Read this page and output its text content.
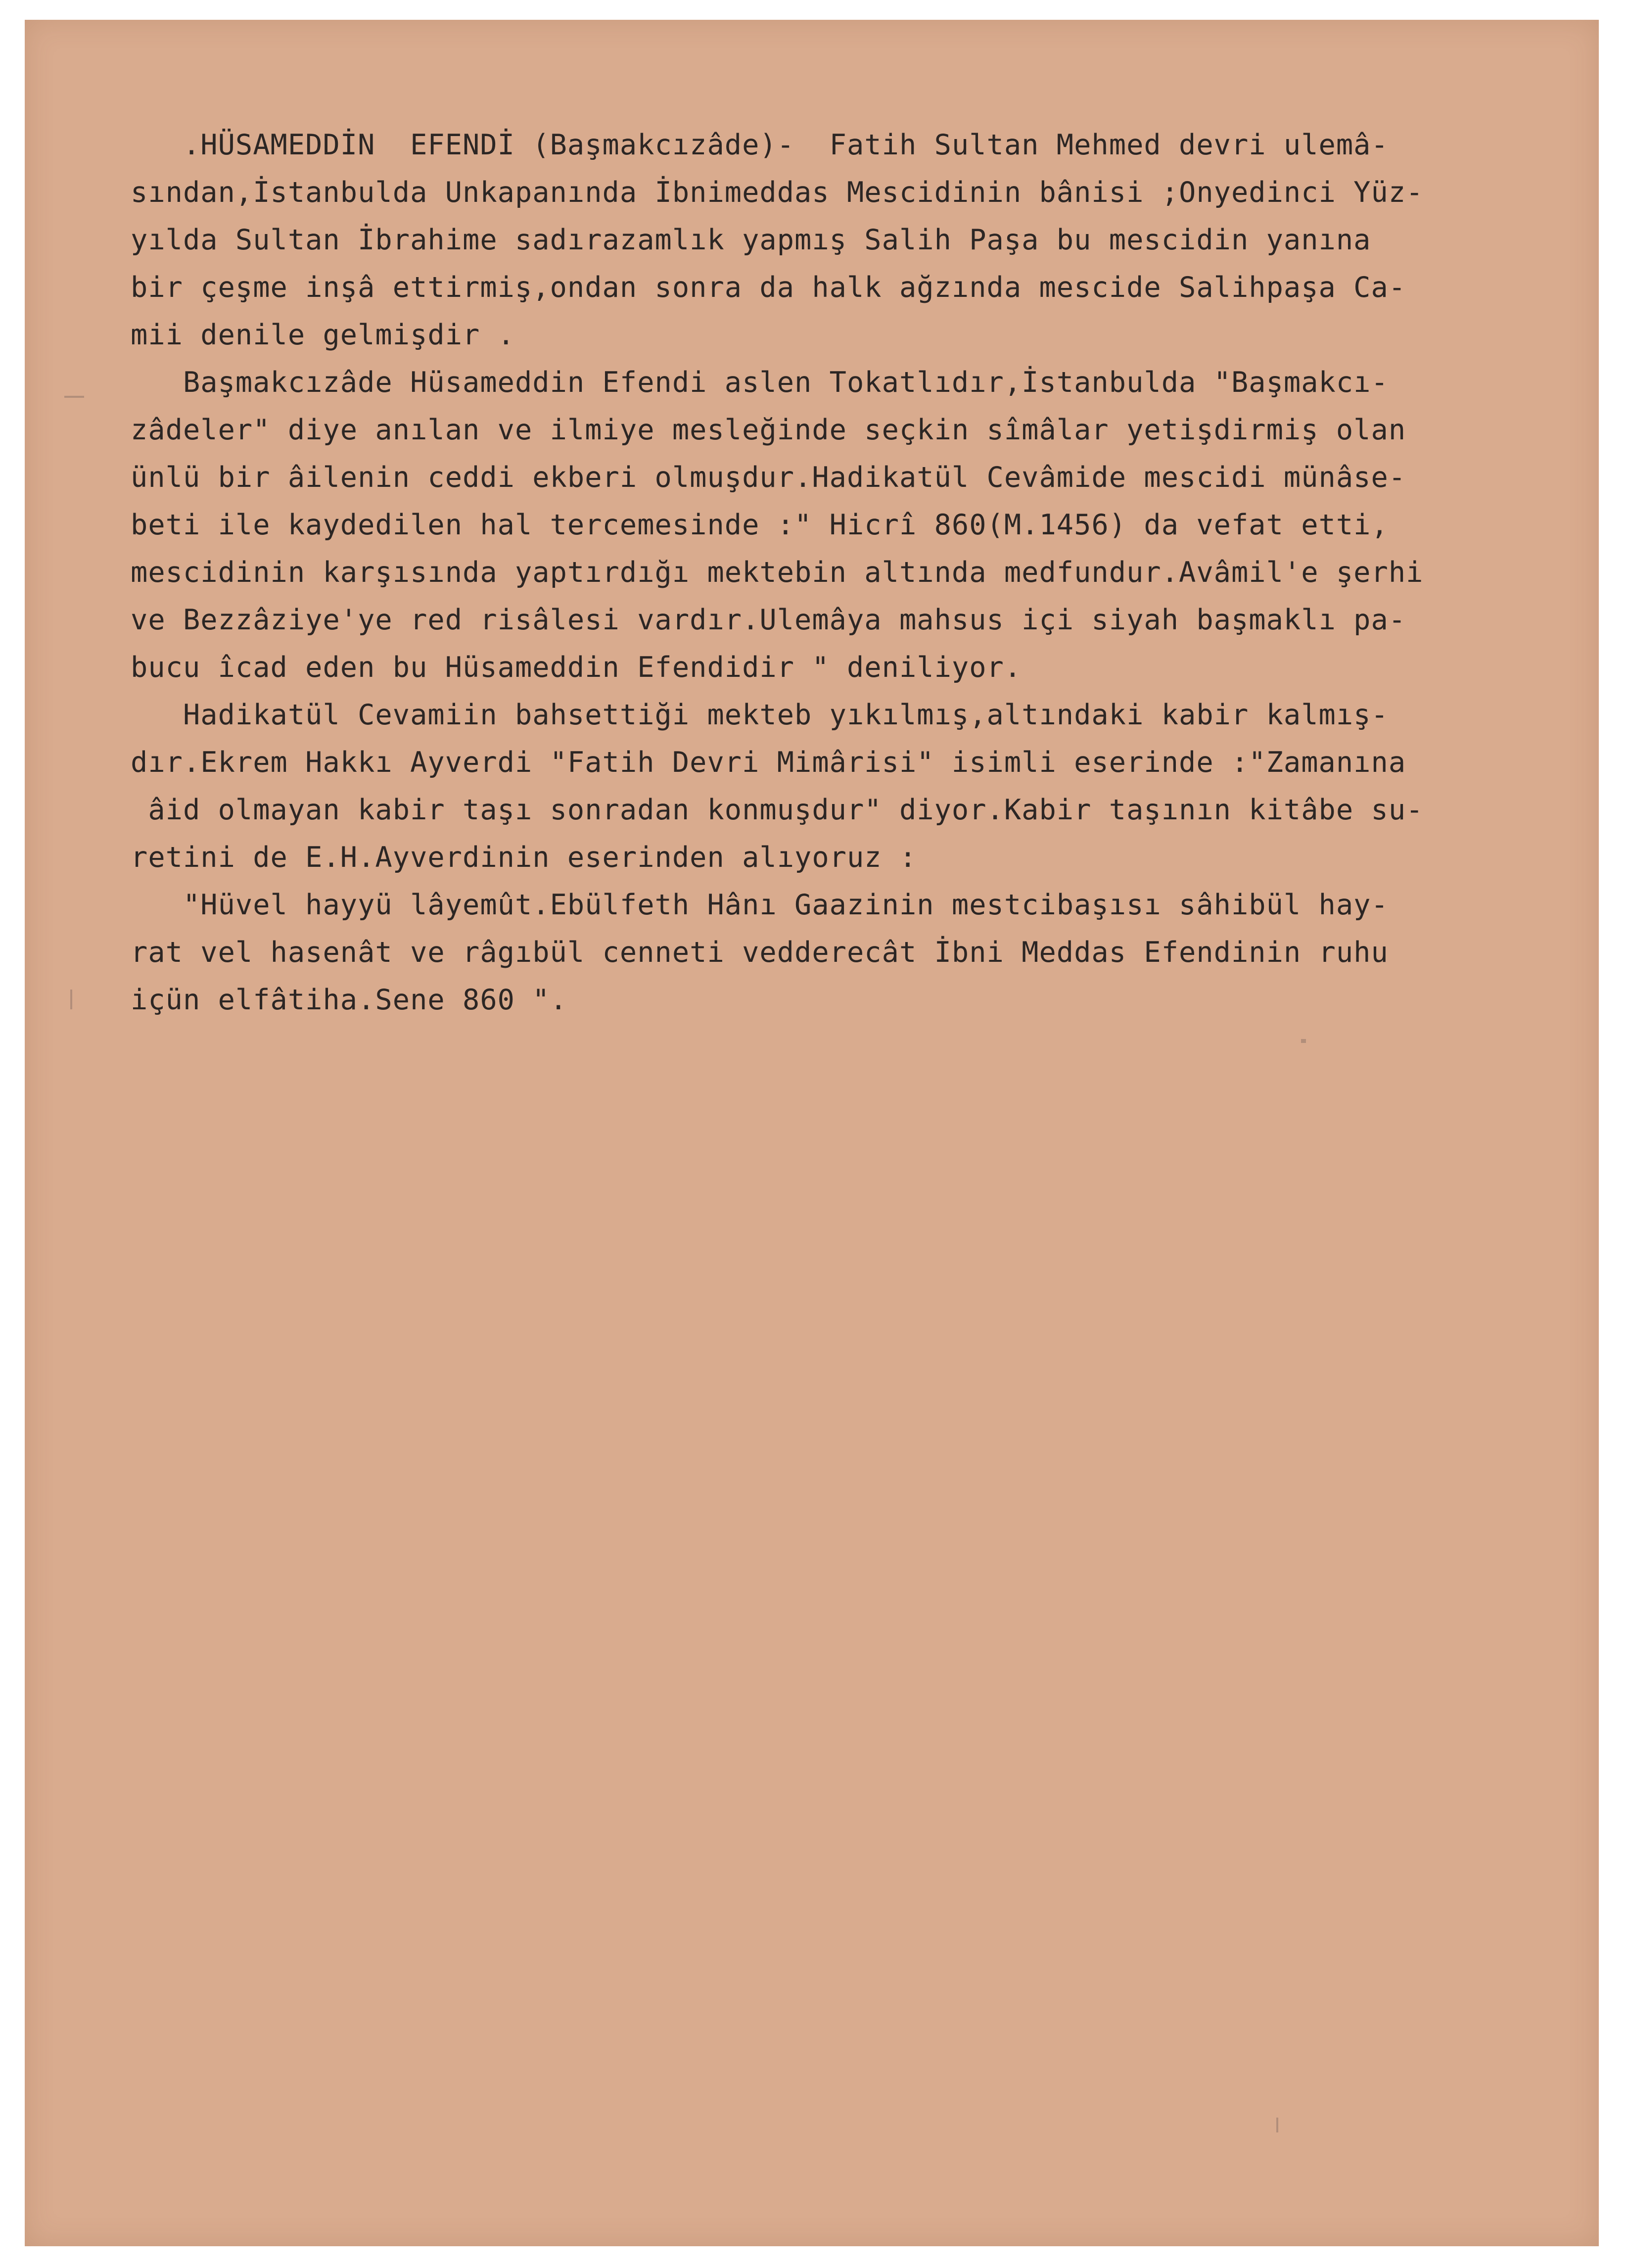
.HÜSAMEDDİN  EFENDİ (Başmakcızâde)-  Fatih Sultan Mehmed devri ulemâ-
sından,İstanbulda Unkapanında İbnimeddas Mescidinin bânisi ;Onyedinci Yüz-
yılda Sultan İbrahime sadırazamlık yapmış Salih Paşa bu mescidin yanına
bir çeşme inşâ ettirmiş,ondan sonra da halk ağzında mescide Salihpaşa Ca-
mii denile gelmişdir .
Başmakcızâde Hüsameddin Efendi aslen Tokatlıdır,İstanbulda "Başmakcı-
zâdeler" diye anılan ve ilmiye mesleğinde seçkin sîmâlar yetişdirmiş olan
ünlü bir âilenin ceddi ekberi olmuşdur.Hadikatül Cevâmide mescidi münâse-
beti ile kaydedilen hal tercemesinde :" Hicrî 860(M.1456) da vefat etti,
mescidinin karşısında yaptırdığı mektebin altında medfundur.Avâmil'e şerhi
ve Bezzâziye'ye red risâlesi vardır.Ulemâya mahsus içi siyah başmaklı pa-
bucu îcad eden bu Hüsameddin Efendidir " deniliyor.
Hadikatül Cevamiin bahsettiği mekteb yıkılmış,altındaki kabir kalmış-
dır.Ekrem Hakkı Ayverdi "Fatih Devri Mimârisi" isimli eserinde :"Zamanına
âid olmayan kabir taşı sonradan konmuşdur" diyor.Kabir taşının kitâbe su-
retini de E.H.Ayverdinin eserinden alıyoruz :
"Hüvel hayyü lâyemût.Ebülfeth Hânı Gaazinin mestcibaşısı sâhibül hay-
rat vel hasenât ve râgıbül cenneti vedderecât İbni Meddas Efendinin ruhu
içün elfâtiha.Sene 860 ".
